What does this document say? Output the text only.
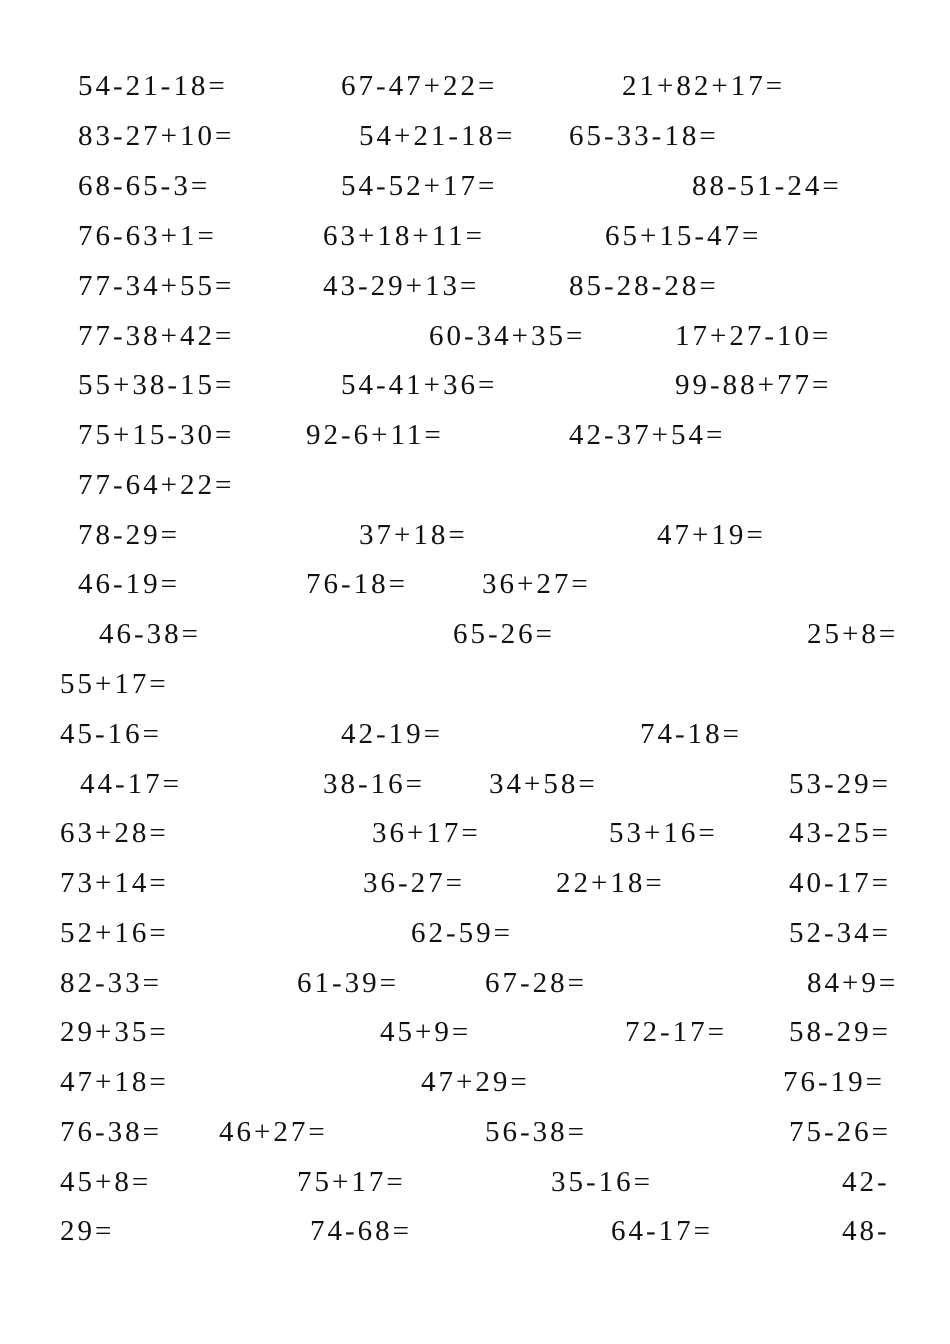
54-21-18=	67-47+22=	21+82+17=
83-27+10=	54+21-18= 65-33-18=
68-65-3=	54-52+17=	88-51-24=
76-63+1=	63+18+11=	65+15-47=
77-34+55=	43-29+13=	85-28-28=
77-38+42=	60-34+35=	17+27-10=
55+38-15=	54-41+36=	99-88+77=
75+15-30= 92-6+11=	42-37+54=
77-64+22=
78-29=	37+18=	47+19=
46-19=	76-18=	36+27=
46-38=	65-26=	25+8=
55+17=
45-16=	42-19=	74-18=
44-17=	38-16= 34+58=	53-29=
63+28=	36+17=	53+16= 43-25=
73+14=	36-27=	22+18=	40-17=
52+16=	62-59=	52-34=
82-33=	61-39=	67-28=	84+9=
29+35=	45+9=	72-17= 58-29=
47+18=	47+29=	76-19=
76-38= 46+27=	56-38=	75-26=
45+8=	75+17=	35-16=	42-
29=	74-68=	64-17=	48-
